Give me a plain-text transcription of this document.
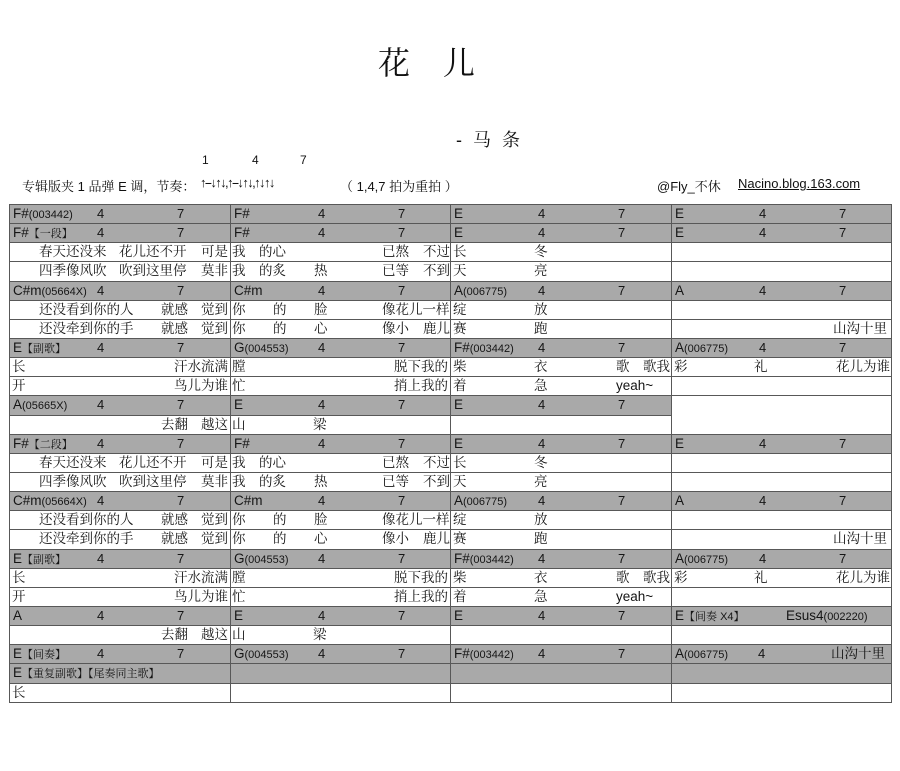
花 儿
- 马 条
1	4	7
专辑版夹 1 品弹 E 调，节奏： ↑--↓↑↓,↑--↓↑↓,↑↓↑↓	（ 1,4,7 拍为重拍 ）	@Fly_不休 Nacino.blog.163.com
F#(003442) 4 7	F# 4 7	E 4 7	E 4 7

F#【一段】 4 7	F# 4 7	E 4 7	E 4 7

春天还没来 花儿还不开 可是	我 的心 已熬 不过	长 冬	

四季像风吹 吹到这里停 莫非	我 的炙 热 已等 不到	天 亮	

C#m(05664X) 4 7	C#m 4 7	A(006775) 4 7	A 4 7

还没看到你的人 就感 觉到	你 的 脸 像花儿一样	绽 放	

还没牵到你的手 就感 觉到	你 的 心 像小 鹿儿	赛 跑	山沟十里

E【副歌】 4 7	G(004553) 4 7	F#(003442) 4 7	A(006775) 4 7

长 汗水流满	膛 脱下我的	柴 衣 歌 歌我	彩 礼 花儿为谁

开 鸟儿为谁	忙 捎上我的	着 急 yeah~	

A(05665X) 4 7	E 4 7	E 4 7	

去翻 越这	山 梁		

F#【二段】 4 7	F# 4 7	E 4 7	E 4 7

春天还没来 花儿还不开 可是	我 的心 已熬 不过	长 冬	

四季像风吹 吹到这里停 莫非	我 的炙 热 已等 不到	天 亮	

C#m(05664X) 4 7	C#m 4 7	A(006775) 4 7	A 4 7

还没看到你的人 就感 觉到	你 的 脸 像花儿一样	绽 放	

还没牵到你的手 就感 觉到	你 的 心 像小 鹿儿	赛 跑	山沟十里

E【副歌】 4 7	G(004553) 4 7	F#(003442) 4 7	A(006775) 4 7

长 汗水流满	膛 脱下我的	柴 衣 歌 歌我	彩 礼 花儿为谁

开 鸟儿为谁	忙 捎上我的	着 急 yeah~	

A 4 7	E 4 7	E 4 7	E【间奏 X4】 Esus4(002220)

去翻 越这	山 梁		

E【间奏】 4 7	G(004553) 4 7	F#(003442) 4 7	A(006775) 4 山沟十里

E【重复副歌】【尾奏同主歌】			

长			
